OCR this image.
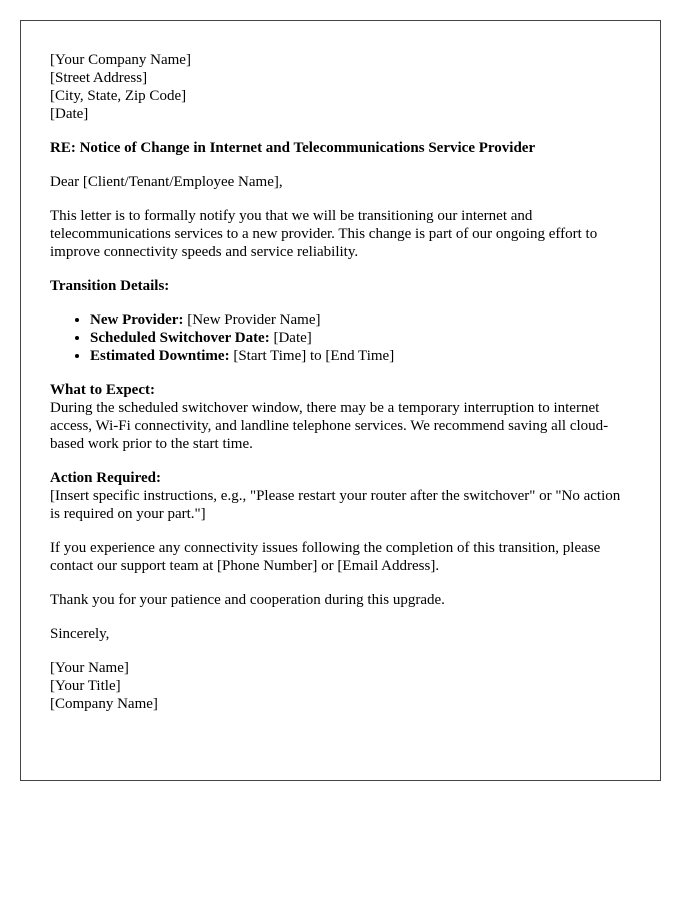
[Your Company Name]
[Street Address]
[City, State, Zip Code]
[Date]

RE: Notice of Change in Internet and Telecommunications Service Provider

Dear [Client/Tenant/Employee Name],

This letter is to formally notify you that we will be transitioning our internet and telecommunications services to a new provider. This change is part of our ongoing effort to improve connectivity speeds and service reliability.

Transition Details:
• New Provider: [New Provider Name]
• Scheduled Switchover Date: [Date]
• Estimated Downtime: [Start Time] to [End Time]
What to Expect:
During the scheduled switchover window, there may be a temporary interruption to internet access, Wi-Fi connectivity, and landline telephone services. We recommend saving all cloud-based work prior to the start time.
Action Required:
[Insert specific instructions, e.g., "Please restart your router after the switchover" or "No action is required on your part."]

If you experience any connectivity issues following the completion of this transition, please contact our support team at [Phone Number] or [Email Address].

Thank you for your patience and cooperation during this upgrade.

Sincerely,

[Your Name]
[Your Title]
[Company Name]
